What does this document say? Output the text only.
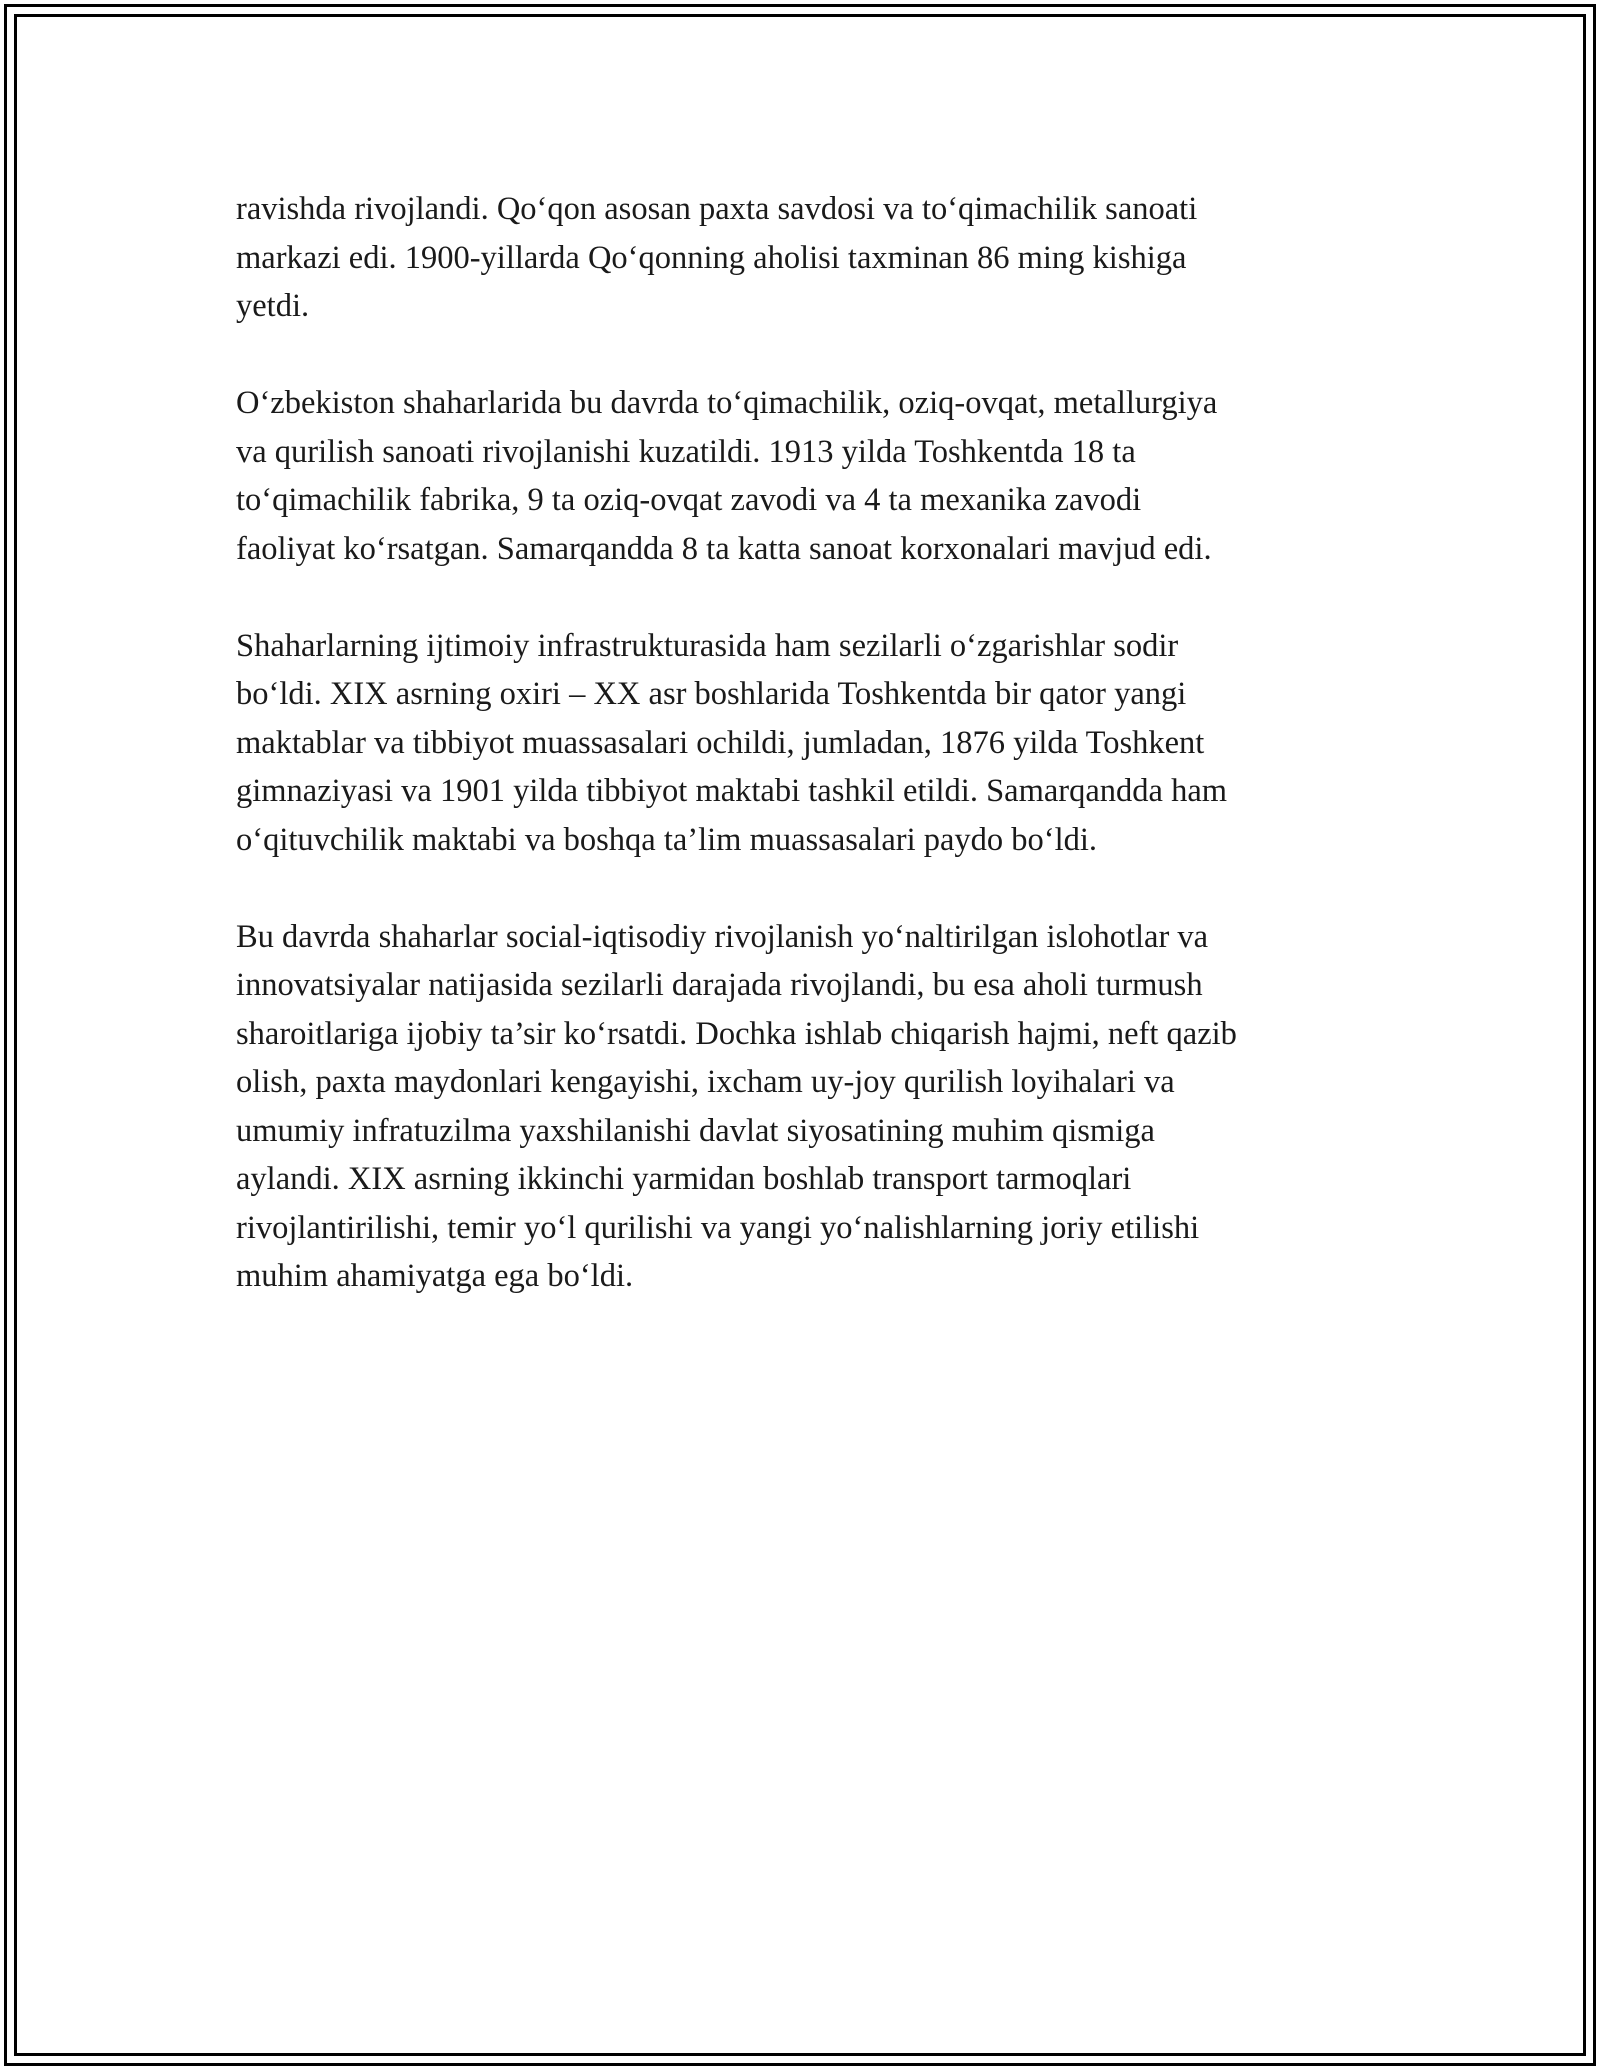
ravishda rivojlandi. Qo‘qon asosan paxta savdosi va to‘qimachilik sanoati
markazi edi. 1900-yillarda Qo‘qonning aholisi taxminan 86 ming kishiga
yetdi.
O‘zbekiston shaharlarida bu davrda to‘qimachilik, oziq-ovqat, metallurgiya
va qurilish sanoati rivojlanishi kuzatildi. 1913 yilda Toshkentda 18 ta
to‘qimachilik fabrika, 9 ta oziq-ovqat zavodi va 4 ta mexanika zavodi
faoliyat ko‘rsatgan. Samarqandda 8 ta katta sanoat korxonalari mavjud edi.
Shaharlarning ijtimoiy infrastrukturasida ham sezilarli o‘zgarishlar sodir
bo‘ldi. XIX asrning oxiri – XX asr boshlarida Toshkentda bir qator yangi
maktablar va tibbiyot muassasalari ochildi, jumladan, 1876 yilda Toshkent
gimnaziyasi va 1901 yilda tibbiyot maktabi tashkil etildi. Samarqandda ham
o‘qituvchilik maktabi va boshqa ta’lim muassasalari paydo bo‘ldi.
Bu davrda shaharlar social-iqtisodiy rivojlanish yo‘naltirilgan islohotlar va
innovatsiyalar natijasida sezilarli darajada rivojlandi, bu esa aholi turmush
sharoitlariga ijobiy ta’sir ko‘rsatdi. Dochka ishlab chiqarish hajmi, neft qazib
olish, paxta maydonlari kengayishi, ixcham uy-joy qurilish loyihalari va
umumiy infratuzilma yaxshilanishi davlat siyosatining muhim qismiga
aylandi. XIX asrning ikkinchi yarmidan boshlab transport tarmoqlari
rivojlantirilishi, temir yo‘l qurilishi va yangi yo‘nalishlarning joriy etilishi
muhim ahamiyatga ega bo‘ldi.
